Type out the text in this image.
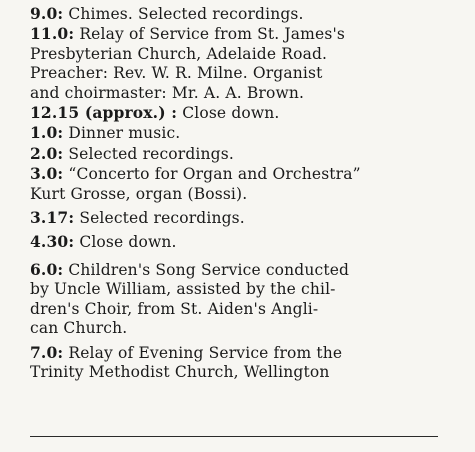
9.0: Chimes. Selected recordings.

11.0: Relay of Service from St. James's
Presbyterian Church, Adelaide Road.
Preacher: Rev. W. R. Milne. Organist
and choirmaster: Mr. A. A. Brown.

12.15 (approx.) : Close down.

1.0: Dinner music.

2.0: Selected recordings.

3.0: “Concerto for Organ and Orchestra”
Kurt Grosse, organ (Bossi).

3.17: Selected recordings.

4.30: Close down.

6.0: Children's Song Service conducted
by Uncle William, assisted by the chil-
dren's Choir, from St. Aiden's Angli-
can Church.

7.0: Relay of Evening Service from the
Trinity Methodist Church, Wellington
